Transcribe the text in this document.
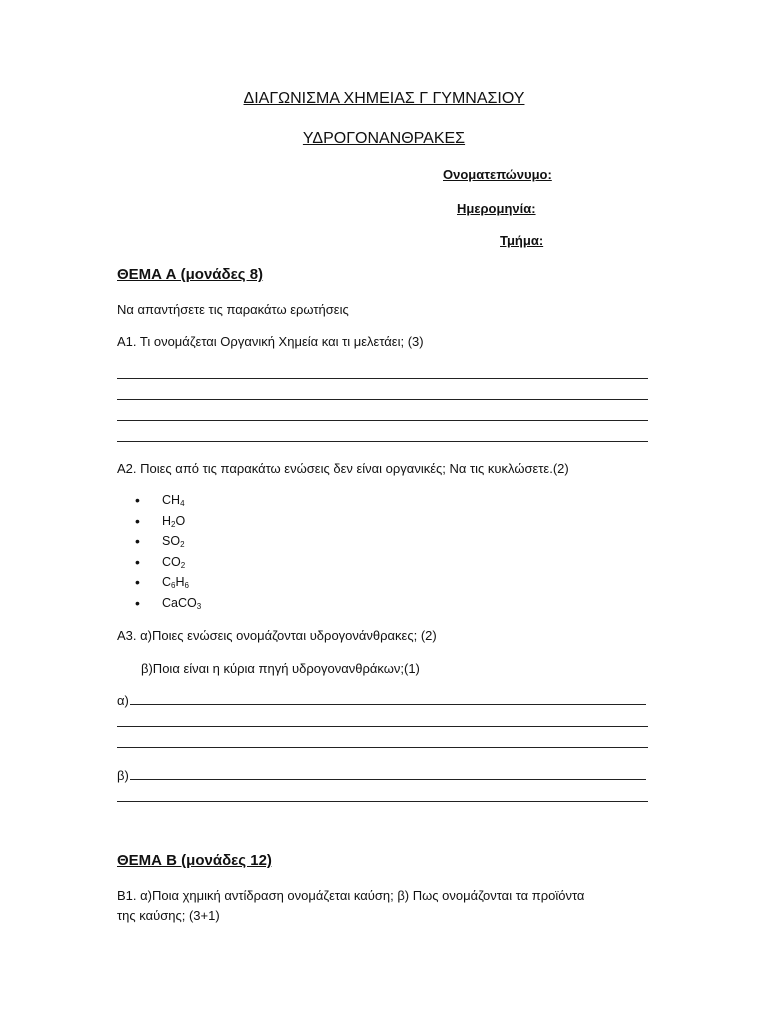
ΔΙΑΓΩΝΙΣΜΑ ΧΗΜΕΙΑΣ Γ ΓΥΜΝΑΣΙΟΥ
ΥΔΡΟΓΟΝΑΝΘΡΑΚΕΣ
Ονοματεπώνυμο:
Ημερομηνία:
Τμήμα:
ΘΕΜΑ Α (μονάδες 8)
Να απαντήσετε τις παρακάτω ερωτήσεις
Α1. Τι ονομάζεται Οργανική Χημεία και τι μελετάει; (3)
Α2. Ποιες από τις παρακάτω ενώσεις δεν είναι οργανικές; Να τις κυκλώσετε.(2)
•	$CH_4$
•	$H_2O$
•	$SO_2$
•	$CO_2$
•	$C_6H_6$
•	CaCO$_3$
Α3. α)Ποιες ενώσεις ονομάζονται υδρογονάνθρακες; (2)
β)Ποια είναι η κύρια πηγή υδρογονανθράκων;(1)
α)
β)
ΘΕΜΑ Β (μονάδες 12)
Β1. α)Ποια χημική αντίδραση ονομάζεται καύση; β) Πως ονομάζονται τα προϊόντα
της καύσης; (3+1)
